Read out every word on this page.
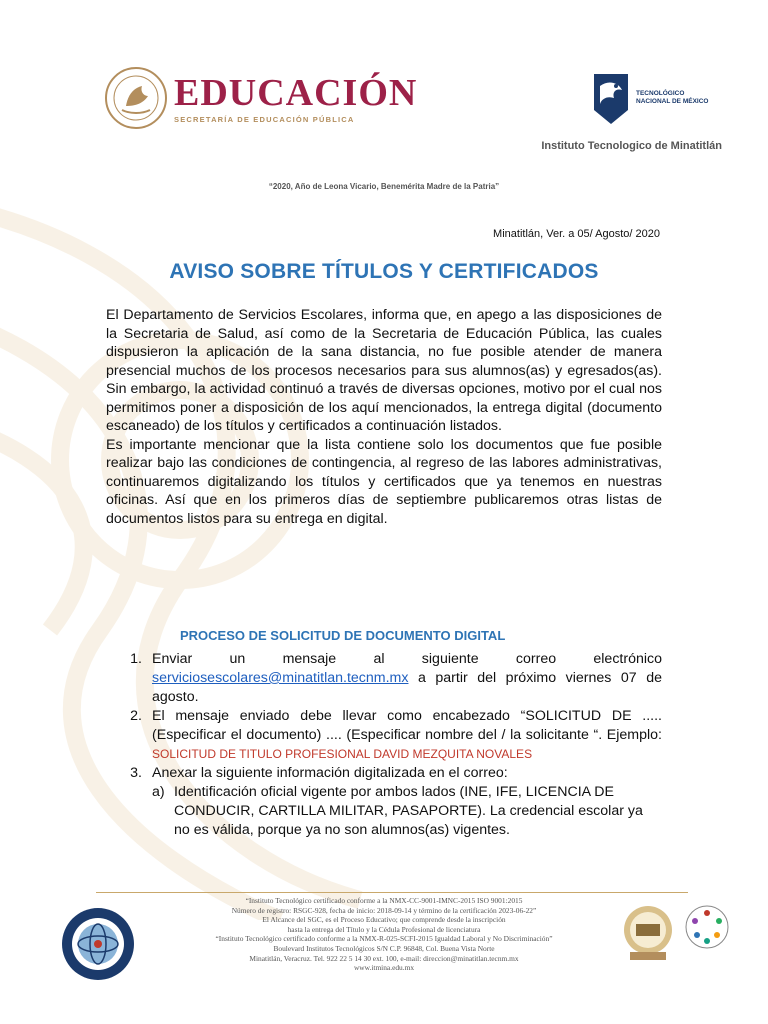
EDUCACIÓN
SECRETARÍA DE EDUCACIÓN PÚBLICA
TECNOLÓGICO
NACIONAL DE MÉXICO
Instituto Tecnologico de Minatitlán
“2020, Año de Leona Vicario, Benemérita Madre de la Patria”
Minatitlán, Ver. a 05/ Agosto/ 2020
AVISO SOBRE TÍTULOS Y CERTIFICADOS

El Departamento de Servicios Escolares, informa que, en apego a las disposiciones de la Secretaria de Salud, así como de la Secretaria de Educación Pública, las cuales dispusieron la aplicación de la sana distancia, no fue posible atender de manera presencial muchos de los procesos necesarios para sus alumnos(as) y egresados(as). Sin embargo, la actividad continuó a través de diversas opciones, motivo por el cual nos permitimos poner a disposición de los aquí mencionados, la entrega digital (documento escaneado) de los títulos y certificados a continuación listados.

Es importante mencionar que la lista contiene solo los documentos que fue posible realizar bajo las condiciones de contingencia, al regreso de las labores administrativas, continuaremos digitalizando los títulos y certificados que ya tenemos en nuestras oficinas. Así que en los primeros días de septiembre publicaremos otras listas de documentos listos para su entrega en digital.

PROCESO DE SOLICITUD DE DOCUMENTO DIGITAL
1. Enviar un mensaje al siguiente correo electrónico
serviciosescolares@minatitlan.tecnm.mx a partir del próximo viernes 07 de agosto.
2. El mensaje enviado debe llevar como encabezado “SOLICITUD DE ..... (Especificar el documento) .... (Especificar nombre del / la solicitante “. Ejemplo: SOLICITUD DE TITULO PROFESIONAL DAVID MEZQUITA NOVALES
3. Anexar la siguiente información digitalizada en el correo:
a) Identificación oficial vigente por ambos lados (INE, IFE, LICENCIA DE CONDUCIR, CARTILLA MILITAR, PASAPORTE). La credencial escolar ya no es válida, porque ya no son alumnos(as) vigentes.
“Instituto Tecnológico certificado conforme a la NMX-CC-9001-IMNC-2015 ISO 9001:2015
Número de registro: RSGC-928, fecha de inicio: 2018-09-14 y término de la certificación 2023-06-22”
El Alcance del SGC, es el Proceso Educativo; que comprende desde la inscripción
hasta la entrega del Título y la Cédula Profesional de licenciatura
“Instituto Tecnológico certificado conforme a la NMX-R-025-SCFI-2015 Igualdad Laboral y No Discriminación”
Boulevard Institutos Tecnológicos S/N C.P. 96848, Col. Buena Vista Norte
Minatitlán, Veracruz. Tel. 922 22 5 14 30 ext. 100, e-mail: direccion@minatitlan.tecnm.mx
www.itmina.edu.mx
